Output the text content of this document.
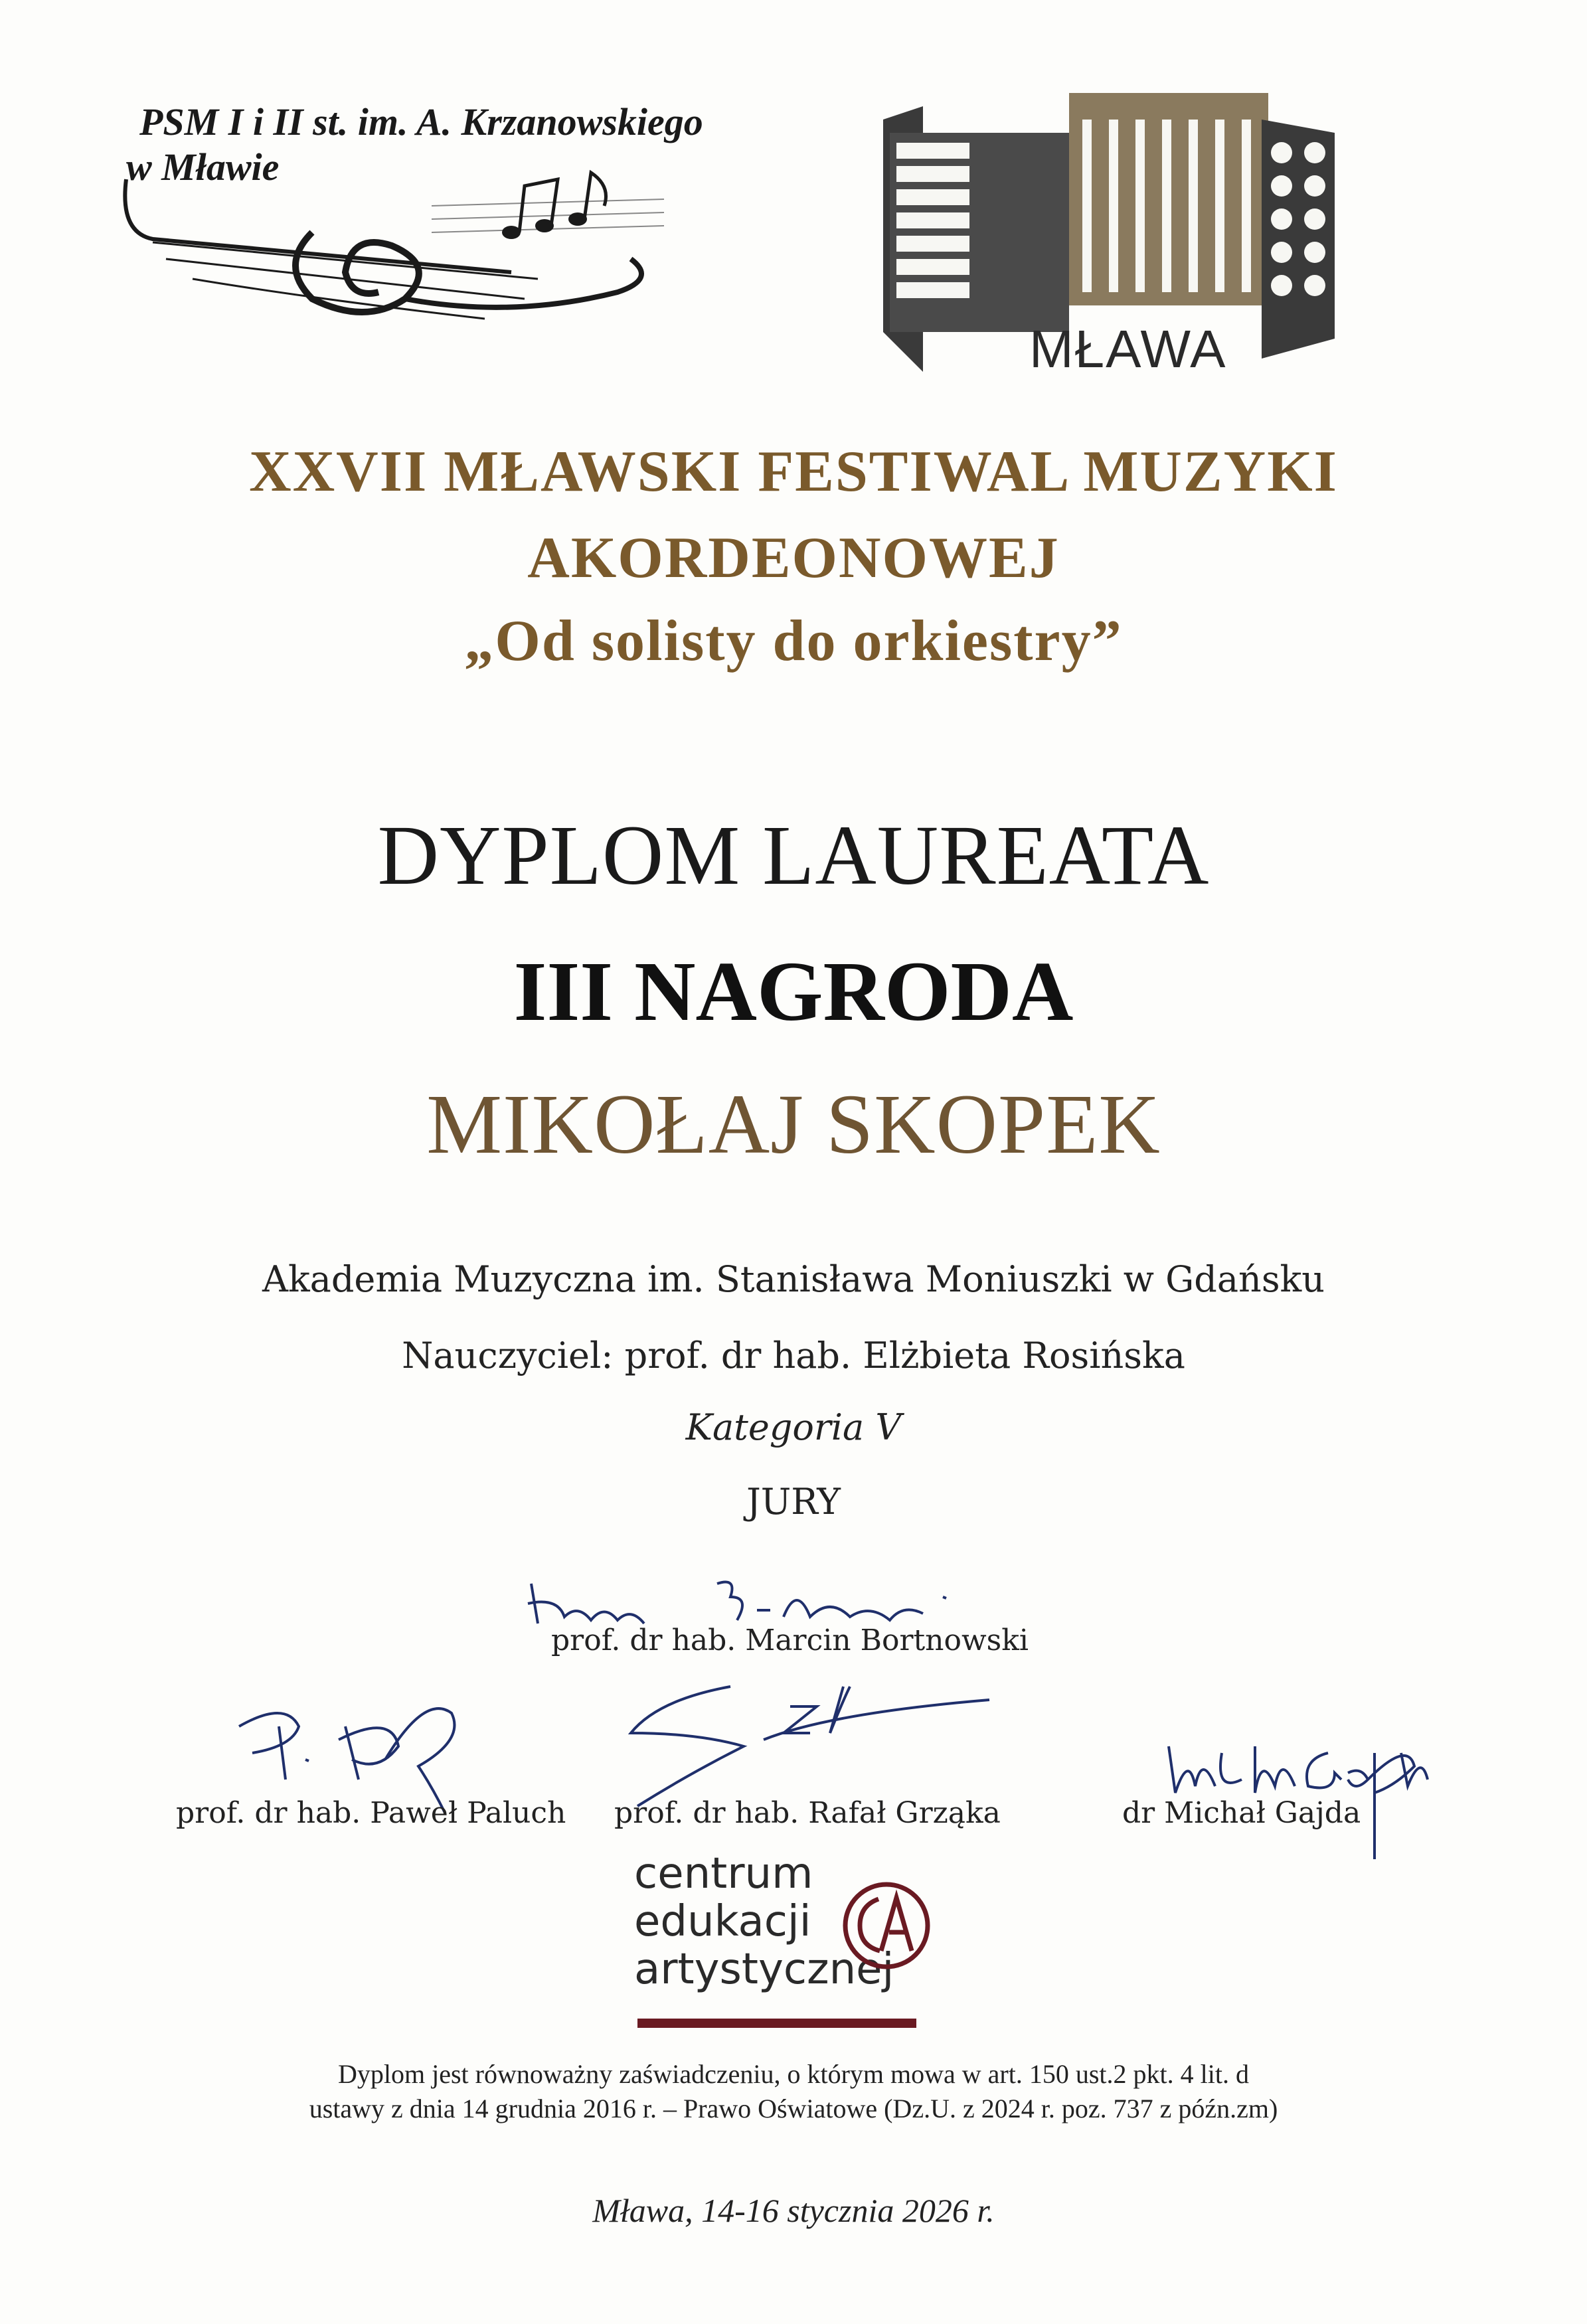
PSM I i II st. im. A. Krzanowskiego
w Mławie
MŁAWA
XXVII MŁAWSKI FESTIWAL MUZYKI
AKORDEONOWEJ
„Od solisty do orkiestry”
DYPLOM LAUREATA
III NAGRODA
MIKOŁAJ SKOPEK
Akademia Muzyczna im. Stanisława Moniuszki w Gdańsku
Nauczyciel: prof. dr hab. Elżbieta Rosińska
Kategoria V
JURY
prof. dr hab. Marcin Bortnowski
prof. dr hab. Paweł Paluch prof. dr hab. Rafał Grząka	dr Michał Gajda
centrum
edukacji
artystycznej
Dyplom jest równoważny zaświadczeniu, o którym mowa w art. 150 ust.2 pkt. 4 lit. d
ustawy z dnia 14 grudnia 2016 r. – Prawo Oświatowe (Dz.U. z 2024 r. poz. 737 z późn.zm)
Mława, 14-16 stycznia 2026 r.
